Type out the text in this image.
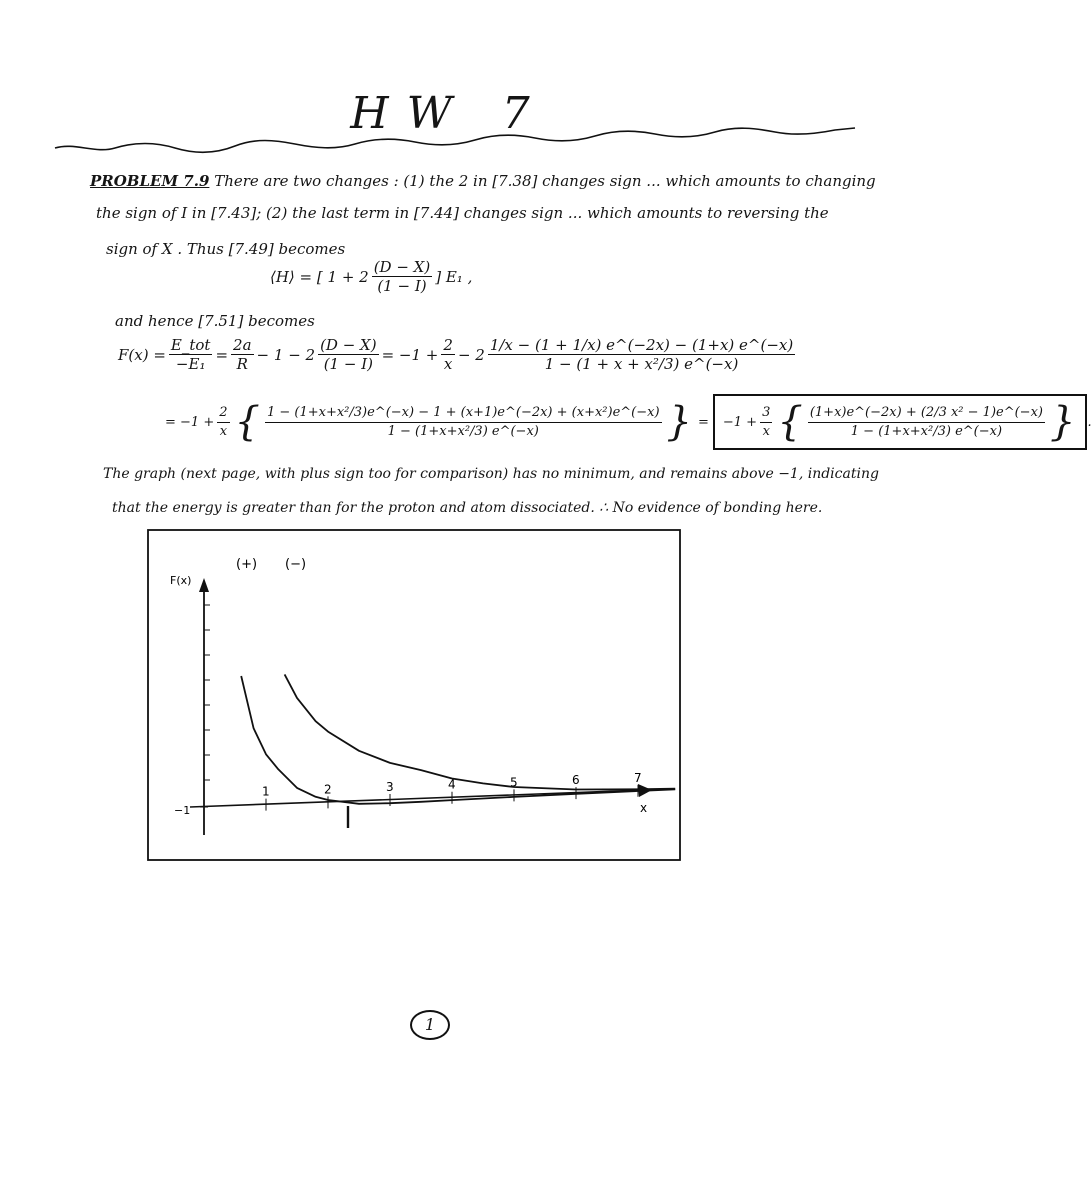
HW 7
PROBLEM 7.9 There are two changes : (1) the 2 in [7.38] changes sign ... which amounts to changing
the sign of I in [7.43]; (2) the last term in [7.44] changes sign ... which amounts to reversing the
sign of X . Thus [7.49] becomes
⟨H⟩ = [ $1 + 2 \frac{(D - X)}{(1 - I)}$ ] E₁ ,
and hence [7.51] becomes
$F(x) = \frac{\text{E\_tot}}{\text{−E₁}} = \frac{2a}{R} - 1 - 2 \frac{(D - X)}{(1 - I)} = -1 + \frac{2}{x} - 2 \frac{1/x - (1 + 1/x) e\^{}(-2x) - (1+x) e\^{}(-x)}{\text{1 − (1 + x + x²/3) e\textasciicircum{}(−x)}}$
= $-1 + \frac{2}{x}$ { $\frac{\text{1 − (1+x+x²/3)e\textasciicircum{}(−x) − 1 + (x+1)e\textasciicircum{}(−2x) + (x+x²)e\textasciicircum{}(−x)}}{\text{1 − (1+x+x²/3) e\textasciicircum{}(−x)}}$ } = $-1 + \frac{3}{x}$ { $\frac{\text{(1+x)e\textasciicircum{}(−2x) + (2/3 x² − 1)e\textasciicircum{}(−x)}}{\text{1 − (1+x+x²/3) e\textasciicircum{}(−x)}}$ } .
The graph (next page, with plus sign too for comparison) has no minimum, and remains above −1, indicating
that the energy is greater than for the proton and atom dissociated. ∴ No evidence of bonding here.
F(x)
x
−1
(+) (−)
1	2	3	4	5	6	7
1
